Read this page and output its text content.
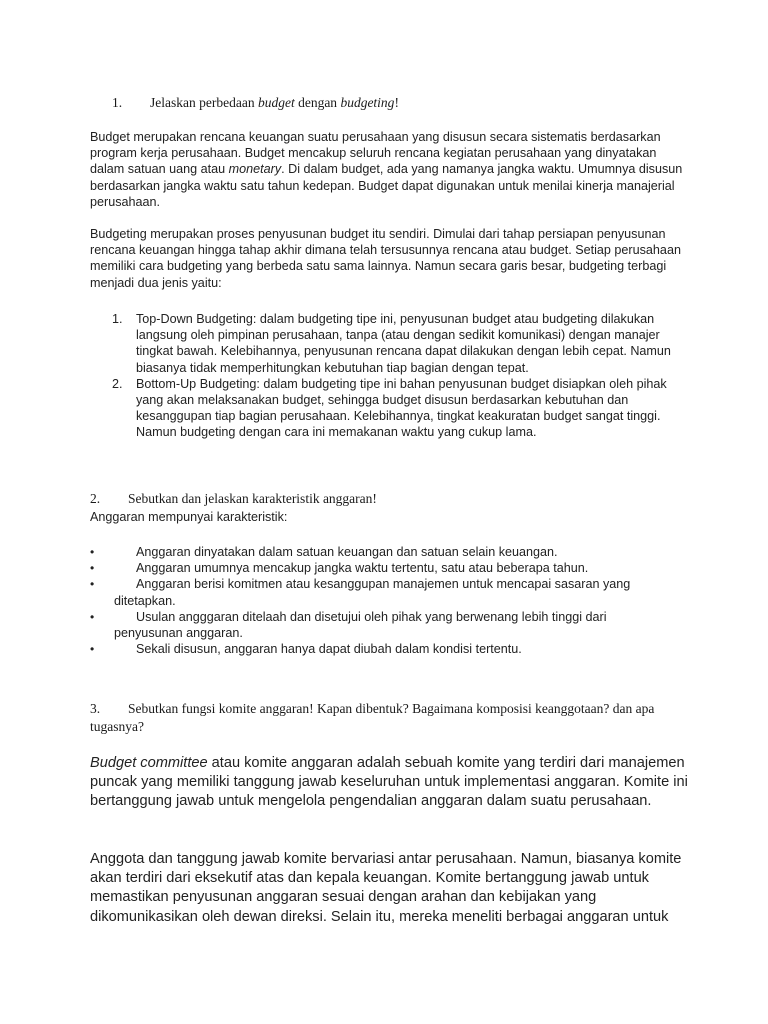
1. Jelaskan perbedaan budget dengan budgeting!
Budget merupakan rencana keuangan suatu perusahaan yang disusun secara sistematis berdasarkan program kerja perusahaan. Budget mencakup seluruh rencana kegiatan perusahaan yang dinyatakan dalam satuan uang atau monetary. Di dalam budget, ada yang namanya jangka waktu. Umumnya disusun berdasarkan jangka waktu satu tahun kedepan. Budget dapat digunakan untuk menilai kinerja manajerial perusahaan.
Budgeting merupakan proses penyusunan budget itu sendiri. Dimulai dari tahap persiapan penyusunan rencana keuangan hingga tahap akhir dimana telah tersusunnya rencana atau budget. Setiap perusahaan memiliki cara budgeting yang berbeda satu sama lainnya. Namun secara garis besar, budgeting terbagi menjadi dua jenis yaitu:
1.	Top-Down Budgeting: dalam budgeting tipe ini, penyusunan budget atau budgeting dilakukan langsung oleh pimpinan perusahaan, tanpa (atau dengan sedikit komunikasi) dengan manajer tingkat bawah. Kelebihannya, penyusunan rencana dapat dilakukan dengan lebih cepat. Namun biasanya tidak memperhitungkan kebutuhan tiap bagian dengan tepat.
2.	Bottom-Up Budgeting: dalam budgeting tipe ini bahan penyusunan budget disiapkan oleh pihak yang akan melaksanakan budget, sehingga budget disusun berdasarkan kebutuhan dan kesanggupan tiap bagian perusahaan. Kelebihannya, tingkat keakuratan budget sangat tinggi. Namun budgeting dengan cara ini memakanan waktu yang cukup lama.
2. Sebutkan dan jelaskan karakteristik anggaran!
Anggaran mempunyai karakteristik:
•	Anggaran dinyatakan dalam satuan keuangan dan satuan selain keuangan.
•	Anggaran umumnya mencakup jangka waktu tertentu, satu atau beberapa tahun.
•	Anggaran berisi komitmen atau kesanggupan manajemen untuk mencapai sasaran yang
ditetapkan.
•	Usulan angggaran ditelaah dan disetujui oleh pihak yang berwenang lebih tinggi dari
penyusunan anggaran.
•	Sekali disusun, anggaran hanya dapat diubah dalam kondisi tertentu.
3. Sebutkan fungsi komite anggaran! Kapan dibentuk? Bagaimana komposisi keanggotaan? dan apa tugasnya?
Budget committee atau komite anggaran adalah sebuah komite yang terdiri dari manajemen puncak yang memiliki tanggung jawab keseluruhan untuk implementasi anggaran. Komite ini bertanggung jawab untuk mengelola pengendalian anggaran dalam suatu perusahaan.
Anggota dan tanggung jawab komite bervariasi antar perusahaan. Namun, biasanya komite akan terdiri dari eksekutif atas dan kepala keuangan. Komite bertanggung jawab untuk memastikan penyusunan anggaran sesuai dengan arahan dan kebijakan yang dikomunikasikan oleh dewan direksi. Selain itu, mereka meneliti berbagai anggaran untuk
